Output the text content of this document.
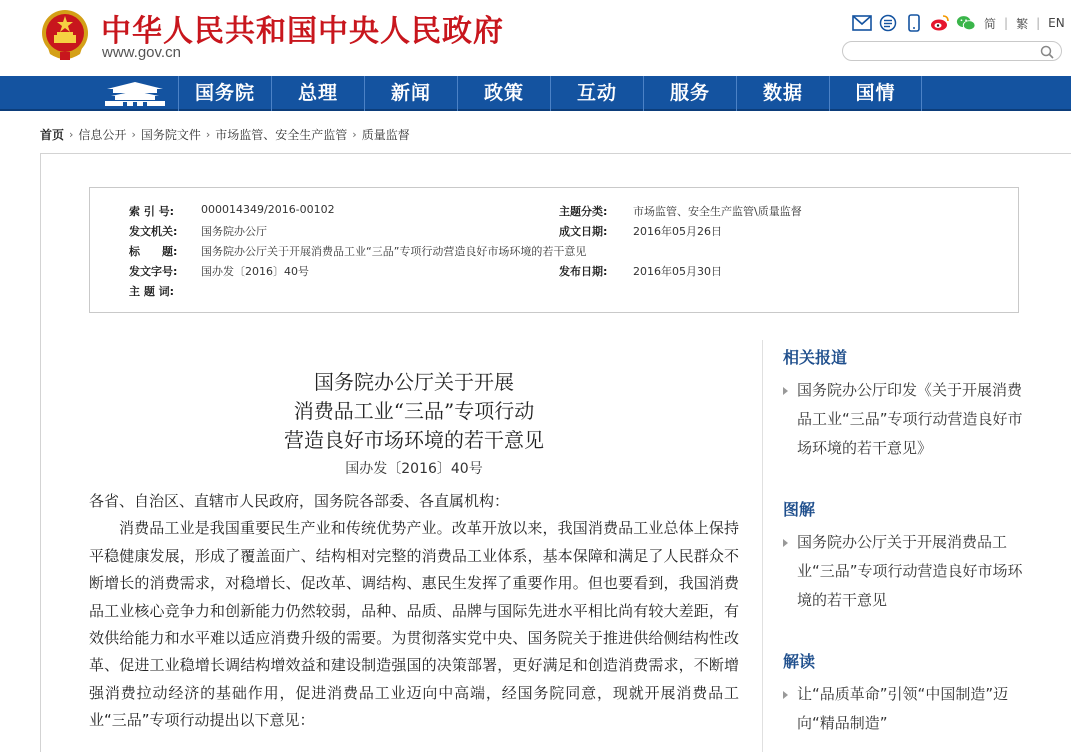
中华人民共和国中央人民政府
www.gov.cn
简 | 繁 | EN
国务院	总理	新闻	政策	互动	服务	数据	国情
首页 › 信息公开 › 国务院文件 › 市场监管、安全生产监管 › 质量监督
索 引 号:	000014349/2016-00102	主题分类:	市场监管、安全生产监管\质量监督
发文机关:	国务院办公厅	成文日期:	2016年05月26日
标　　题:	国务院办公厅关于开展消费品工业“三品”专项行动营造良好市场环境的若干意见
发文字号:	国办发〔2016〕40号	发布日期:	2016年05月30日
主 题 词:
国务院办公厅关于开展
消费品工业“三品”专项行动
营造良好市场环境的若干意见
国办发〔2016〕40号

各省、自治区、直辖市人民政府，国务院各部委、各直属机构：

消费品工业是我国重要民生产业和传统优势产业。改革开放以来，我国消费品工业总体上保持平稳健康发展，形成了覆盖面广、结构相对完整的消费品工业体系，基本保障和满足了人民群众不断增长的消费需求，对稳增长、促改革、调结构、惠民生发挥了重要作用。但也要看到，我国消费品工业核心竞争力和创新能力仍然较弱，品种、品质、品牌与国际先进水平相比尚有较大差距，有效供给能力和水平难以适应消费升级的需要。为贯彻落实党中央、国务院关于推进供给侧结构性改革、促进工业稳增长调结构增效益和建设制造强国的决策部署，更好满足和创造消费需求，不断增强消费拉动经济的基础作用，促进消费品工业迈向中高端，经国务院同意，现就开展消费品工业“三品”专项行动提出以下意见：

相关报道
国务院办公厅印发《关于开展消费品工业“三品”专项行动营造良好市场环境的若干意见》
图解
国务院办公厅关于开展消费品工业“三品”专项行动营造良好市场环境的若干意见
解读
让“品质革命”引领“中国制造”迈向“精品制造”
